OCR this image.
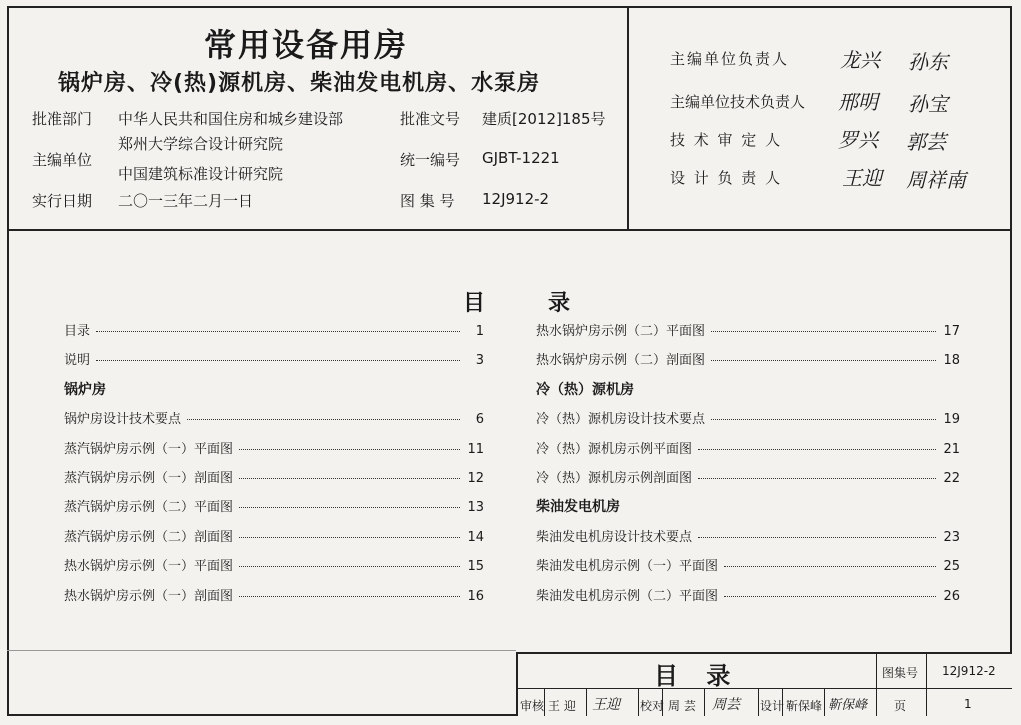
常用设备用房
锅炉房、冷(热)源机房、柴油发电机房、水泵房
批准部门 中华人民共和国住房和城乡建设部	批准文号 建质[2012]185号
主编单位
郑州大学综合设计研究院
中国建筑标准设计研究院
统一编号 GJBT-1221
实行日期 二〇一三年二月一日	图 集 号 12J912-2
主编单位负责人	龙兴 孙东
主编单位技术负责人 邢明 孙宝
技 术 审 定 人	罗兴 郭芸
设 计 负 责 人	王迎 周祥南
目	录
目录	1
说明	3
锅炉房
锅炉房设计技术要点	6
蒸汽锅炉房示例（一）平面图	11
蒸汽锅炉房示例（一）剖面图	12
蒸汽锅炉房示例（二）平面图	13
蒸汽锅炉房示例（二）剖面图	14
热水锅炉房示例（一）平面图	15
热水锅炉房示例（一）剖面图	16
热水锅炉房示例（二）平面图	17
热水锅炉房示例（二）剖面图	18
冷（热）源机房
冷（热）源机房设计技术要点	19
冷（热）源机房示例平面图	21
冷（热）源机房示例剖面图	22
柴油发电机房
柴油发电机房设计技术要点	23
柴油发电机房示例（一）平面图	25
柴油发电机房示例（二）平面图	26
目 录	图集号 12J912-2
审核 王 迎 王迎 校对 周 芸 周芸 设计 靳保峰 靳保峰 页	1
